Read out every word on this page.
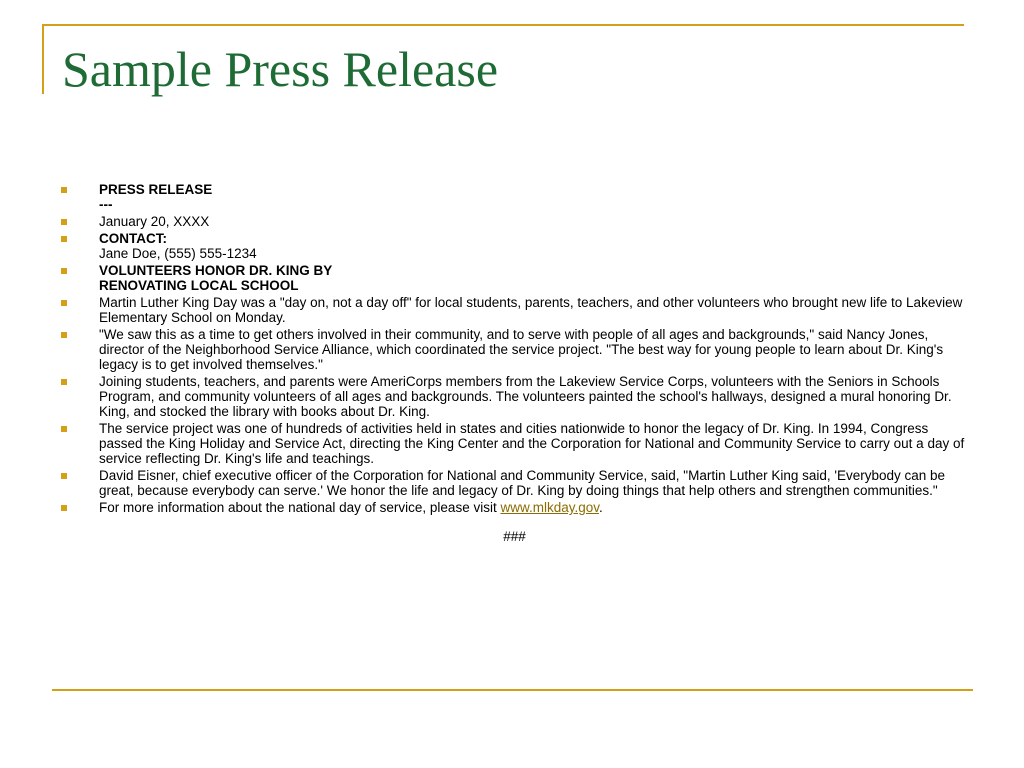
Sample Press Release
PRESS RELEASE
---
January 20, XXXX
CONTACT:
Jane Doe, (555) 555-1234
VOLUNTEERS HONOR DR. KING BY
RENOVATING LOCAL SCHOOL
Martin Luther King Day was a "day on, not a day off" for local students, parents, teachers, and other volunteers who brought new life to Lakeview Elementary School on Monday.
"We saw this as a time to get others involved in their community, and to serve with people of all ages and backgrounds," said Nancy Jones, director of the Neighborhood Service Alliance, which coordinated the service project. "The best way for young people to learn about Dr. King's legacy is to get involved themselves."
Joining students, teachers, and parents were AmeriCorps members from the Lakeview Service Corps, volunteers with the Seniors in Schools Program, and community volunteers of all ages and backgrounds. The volunteers painted the school's hallways, designed a mural honoring Dr. King, and stocked the library with books about Dr. King.
The service project was one of hundreds of activities held in states and cities nationwide to honor the legacy of Dr. King. In 1994, Congress passed the King Holiday and Service Act, directing the King Center and the Corporation for National and Community Service to carry out a day of service reflecting Dr. King's life and teachings.
David Eisner, chief executive officer of the Corporation for National and Community Service, said, "Martin Luther King said, 'Everybody can be great, because everybody can serve.' We honor the life and legacy of Dr. King by doing things that help others and strengthen communities."
For more information about the national day of service, please visit www.mlkday.gov.
###
